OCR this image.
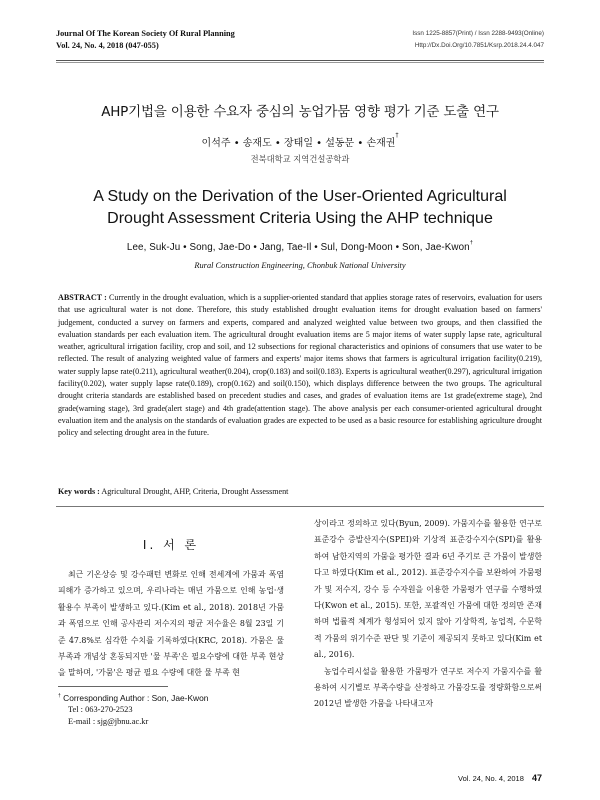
Journal Of The Korean Society Of Rural Planning
Vol. 24, No. 4, 2018 (047-055)
Issn 1225-8857(Print) / Issn 2288-9493(Online)
Http://Dx.Doi.Org/10.7851/Ksrp.2018.24.4.047
AHP기법을 이용한 수요자 중심의 농업가뭄 영향 평가 기준 도출 연구
이석주 • 송재도 • 장태일 • 설동문 • 손재권†
전북대학교 지역건설공학과
A Study on the Derivation of the User-Oriented Agricultural
Drought Assessment Criteria Using the AHP technique
Lee, Suk-Ju • Song, Jae-Do • Jang, Tae-Il • Sul, Dong-Moon • Son, Jae-Kwon†
Rural Construction Engineering, Chonbuk National University
ABSTRACT : Currently in the drought evaluation, which is a supplier-oriented standard that applies storage rates of reservoirs, evaluation for users that use agricultural water is not done. Therefore, this study established drought evaluation items for drought evaluation based on farmers' judgement, conducted a survey on farmers and experts, compared and analyzed weighted value between two groups, and then classified the evaluation standards per each evaluation item. The agricultural drought evaluation items are 5 major items of water supply lapse rate, agricultural weather, agricultural irrigation facility, crop and soil, and 12 subsections for regional characteristics and opinions of consumers that use water to be reflected. The result of analyzing weighted value of farmers and experts' major items shows that farmers is agricultural irrigation facility(0.219), water supply lapse rate(0.211), agricultural weather(0.204), crop(0.183) and soil(0.183). Experts is agricultural weather(0.297), agricultural irrigation facility(0.202), water supply lapse rate(0.189), crop(0.162) and soil(0.150), which displays difference between the two groups. The agricultural drought criteria standards are established based on precedent studies and cases, and grades of evaluation items are 1st grade(extreme stage), 2nd grade(warning stage), 3rd grade(alert stage) and 4th grade(attention stage). The above analysis per each consumer-oriented agricultural drought evaluation item and the analysis on the standards of evaluation grades are expected to be used as a basic resource for establishing agriculture drought policy and selecting drought area in the future.
Key words : Agricultural Drought, AHP, Criteria, Drought Assessment
I. 서 론

최근 기온상승 및 강수패턴 변화로 인해 전세계에 가뭄과 폭염 피해가 증가하고 있으며, 우리나라는 매년 가뭄으로 인해 농업·생활용수 부족이 발생하고 있다.(Kim et al., 2018). 2018년 가뭄과 폭염으로 인해 공사관리 저수지의 평균 저수율은 8월 23일 기준 47.8%로 심각한 수치를 기록하였다(KRC, 2018). 가뭄은 물 부족과 개념상 혼동되지만 '물 부족'은 필요수량에 대한 부족 현상을 말하며, '가뭄'은 평균 필요 수량에 대한 물 부족 현

상이라고 정의하고 있다(Byun, 2009). 가뭄지수를 활용한 연구로 표준강수 증발산지수(SPEI)와 기상적 표준강수지수(SPI)를 활용하여 남한지역의 가뭄을 평가한 결과 6년 주기로 큰 가뭄이 발생한다고 하였다(Kim et al., 2012). 표준강수지수를 보완하여 가뭄평가 및 저수지, 강수 등 수자원을 이용한 가뭄평가 연구를 수행하였다(Kwon et al., 2015). 또한, 포괄적인 가뭄에 대한 정의만 존재하며 법률적 체계가 형성되어 있지 않아 기상학적, 농업적, 수문학적 가뭄의 위기수준 판단 및 기준이 제공되지 못하고 있다(Kim et al., 2016).

농업수리시설을 활용한 가뭄평가 연구로 저수지 가뭄지수를 활용하여 시기별로 부족수량을 산정하고 가뭄강도를 정량화함으로써 2012년 발생한 가뭄을 나타내고자

† Corresponding Author : Son, Jae-Kwon
Tel : 063-270-2523
E-mail : sjg@jbnu.ac.kr
Vol. 24, No. 4, 2018 47
